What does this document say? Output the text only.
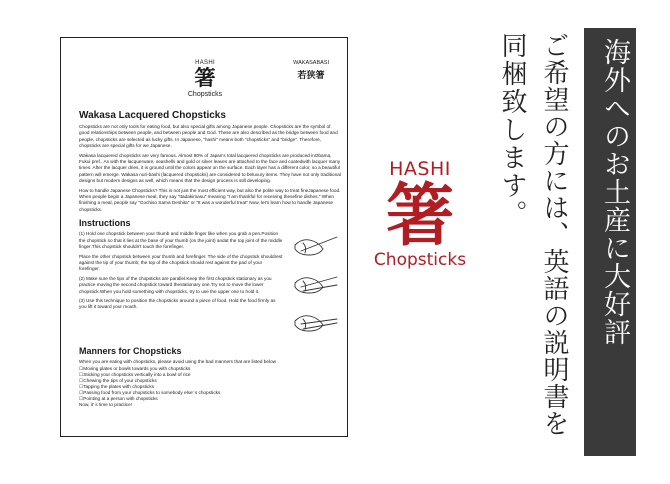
HASHI
箸
Chopsticks
WAKASABASI
若狭箸
Wakasa Lacquered Chopsticks

Chopsticks are not only tools for eating food, but also special gifts among Japanese people. Chopsticks are the symbol of good relationships between people, and between people and God. These are also described as the bridge between food and people, chopsticks are selected as lucky gifts. In Japanese, "hashi" means both "chopsticks" and "bridge". Therefore, chopsticks are special gifts for we Japanese.

Wakasa lacquered chopsticks are very famous. Almost 80% of Japan's total lacquered chopsticks are produced inObama, Fukui pref.. As with the lacquerware, seashells and gold or silver leaves are attached to the face and coatedwith lacquer many times. After the lacquer dries, it is ground until the colors appear on the surface. Each layer has a different color, so a beautiful pattern will emerge. Wakasa nuri-bashi (lacquered chopsticks) are considered to beluxury items. They have not only traditional designs but modern designs as well, which means that the design process is still developing.

How to handle Japanese Chopsticks? This is not just the most efficient way, but also the polite way to treat fineJapanese food. When people begin a Japanese meal, they say "Itadakimasu" meaning "I am thankful for receiving thesefine dishes." When finishing a meal, people say "Gochiso Sama Deshita" or "It was a wonderful treat" Now, let's learn how to handle Japanese chopsticks.

Instructions

(1) Hold one chopstick between your thumb and middle finger like when you grab a pen.Position the chopstick so that it lies at the base of your thumb (on the joint) andat the top joint of the middle finger.This chopstick shouldn't touch the forefinger.

Place the other chopstick between your thumb and forefinger. The side of the chopstick shouldrest against the tip of your thumb; the top of the chopstick should rest against the pad of your forefinger.

(2) Make sure the tips of the chopsticks are parallel.Keep the first chopstick stationary as you practice moving the second chopstick toward thestationary one.Try not to move the lower chopstick.When you hold something with chopsticks, try to use the upper one to hold it.

(3) Use this technique to position the chopsticks around a piece of food. Hold the food firmly as you lift it toward your mouth.

Manners for Chopsticks

When you are eating with chopsticks, please avoid using the bad manners that are listed below

☐ Moving plates or bowls towards you with chopsticks
☐ Sticking your chopsticks vertically into a bowl of rice
☐ Chewing the tips of your chopsticks
☐ Tapping the plates with chopsticks
☐ Passing food from your chopsticks to somebody else' s chopsticks
☐ Pointing at a person with chopsticks
Now, it' s time to practice!
HASHI
箸
Chopsticks
同梱致します。 ご希望の方には、英語の説明書を 海外へのお土産に大好評
